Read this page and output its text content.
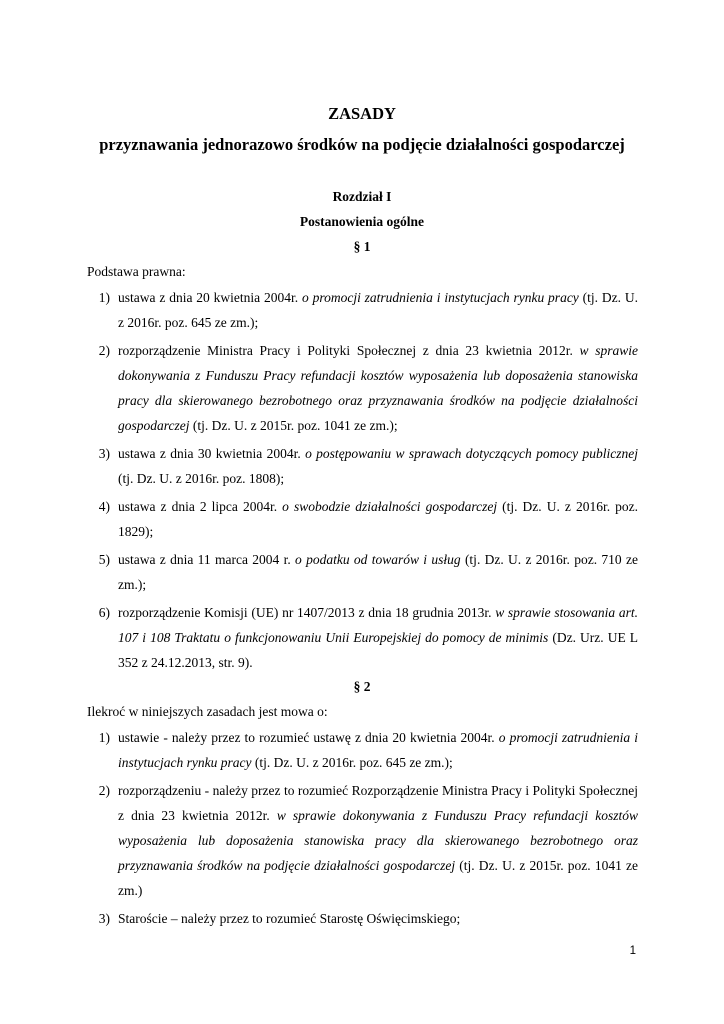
ZASADY
przyznawania jednorazowo środków na podjęcie działalności gospodarczej
Rozdział I
Postanowienia ogólne
§ 1
Podstawa prawna:
1) ustawa z dnia 20 kwietnia 2004r. o promocji zatrudnienia i instytucjach rynku pracy (tj. Dz. U. z 2016r. poz. 645 ze zm.);
2) rozporządzenie Ministra Pracy i Polityki Społecznej z dnia 23 kwietnia 2012r. w sprawie dokonywania z Funduszu Pracy refundacji kosztów wyposażenia lub doposażenia stanowiska pracy dla skierowanego bezrobotnego oraz przyznawania środków na podjęcie działalności gospodarczej (tj. Dz. U. z 2015r. poz. 1041 ze zm.);
3) ustawa z dnia 30 kwietnia 2004r. o postępowaniu w sprawach dotyczących pomocy publicznej (tj. Dz. U. z 2016r. poz. 1808);
4) ustawa z dnia 2 lipca 2004r. o swobodzie działalności gospodarczej (tj. Dz. U. z 2016r. poz. 1829);
5) ustawa z dnia 11 marca 2004 r. o podatku od towarów i usług (tj. Dz. U. z 2016r. poz. 710 ze zm.);
6) rozporządzenie Komisji (UE) nr 1407/2013 z dnia 18 grudnia 2013r. w sprawie stosowania art. 107 i 108 Traktatu o funkcjonowaniu Unii Europejskiej do pomocy de minimis (Dz. Urz. UE L 352 z 24.12.2013, str. 9).
§ 2
Ilekroć w niniejszych zasadach jest mowa o:
1) ustawie - należy przez to rozumieć ustawę z dnia 20 kwietnia 2004r. o promocji zatrudnienia i instytucjach rynku pracy (tj. Dz. U. z 2016r. poz. 645 ze zm.);
2) rozporządzeniu - należy przez to rozumieć Rozporządzenie Ministra Pracy i Polityki Społecznej z dnia 23 kwietnia 2012r. w sprawie dokonywania z Funduszu Pracy refundacji kosztów wyposażenia lub doposażenia stanowiska pracy dla skierowanego bezrobotnego oraz przyznawania środków na podjęcie działalności gospodarczej (tj. Dz. U. z 2015r. poz. 1041 ze zm.)
3) Staroście – należy przez to rozumieć Starostę Oświęcimskiego;
1
